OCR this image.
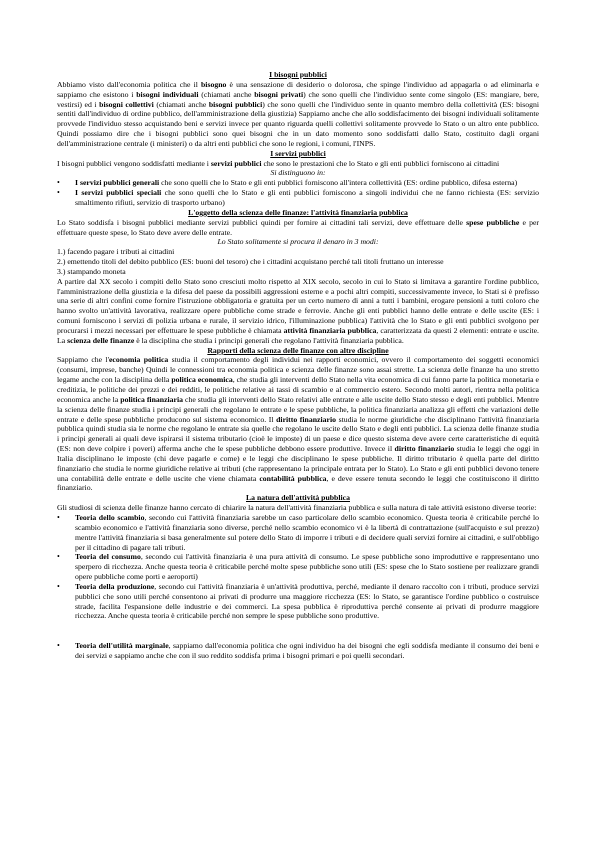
I bisogni pubblici

Abbiamo visto dall'economia politica che il bisogno è una sensazione di desiderio o dolorosa, che spinge l'individuo ad appagarla o ad eliminarla e sappiamo che esistono i bisogni individuali (chiamati anche bisogni privati) che sono quelli che l'individuo sente come singolo (ES: mangiare, bere, vestirsi) ed i bisogni collettivi (chiamati anche bisogni pubblici) che sono quelli che l'individuo sente in quanto membro della collettività (ES: bisogni sentiti dall'individuo di ordine pubblico, dell'amministrazione della giustizia) Sappiamo anche che allo soddisfacimento dei bisogni individuali solitamente provvede l'individuo stesso acquistando beni e servizi invece per quanto riguarda quelli collettivi solitamente provvede lo Stato o un altro ente pubblico. Quindi possiamo dire che i bisogni pubblici sono quei bisogni che in un dato momento sono soddisfatti dallo Stato, costituito dagli organi dell'amministrazione centrale (i ministeri) o da altri enti pubblici che sono le regioni, i comuni, l'INPS.

I servizi pubblici

I bisogni pubblici vengono soddisfatti mediante i servizi pubblici che sono le prestazioni che lo Stato e gli enti pubblici forniscono ai cittadini

Si distinguono in:

• I servizi pubblici generali che sono quelli che lo Stato e gli enti pubblici forniscono all'intera collettività (ES: ordine pubblico, difesa esterna)
• I servizi pubblici speciali che sono quelli che lo Stato e gli enti pubblici forniscono a singoli individui che ne fanno richiesta (ES: servizio smaltimento rifiuti, servizio di trasporto urbano)
L'oggetto della scienza delle finanze: l'attività finanziaria pubblica

Lo Stato soddisfa i bisogni pubblici mediante servizi pubblici quindi per fornire ai cittadini tali servizi, deve effettuare delle spese pubbliche e per effettuare queste spese, lo Stato deve avere delle entrate.

Lo Stato solitamente si procura il denaro in 3 modi:

1.) facendo pagare i tributi ai cittadini
2.) emettendo titoli del debito pubblico (ES: buoni del tesoro) che i cittadini acquistano perché tali titoli fruttano un interesse
3.) stampando moneta

A partire dal XX secolo i compiti dello Stato sono cresciuti molto rispetto al XIX secolo, secolo in cui lo Stato si limitava a garantire l'ordine pubblico, l'amministrazione della giustizia e la difesa del paese da possibili aggressioni esterne e a pochi altri compiti, successivamente invece, lo Stati si è prefisso una serie di altri confini come fornire l'istruzione obbligatoria e gratuita per un certo numero di anni a tutti i bambini, erogare pensioni a tutti coloro che hanno svolto un'attività lavorativa, realizzare opere pubbliche come strade e ferrovie. Anche gli enti pubblici hanno delle entrate e delle uscite (ES: i comuni forniscono i servizi di polizia urbana e rurale, il servizio idrico, l'illuminazione pubblica) l'attività che lo Stato e gli enti pubblici svolgono per procurarsi i mezzi necessari per effettuare le spese pubbliche è chiamata attività finanziaria pubblica, caratterizzata da questi 2 elementi: entrate e uscite. La scienza delle finanze è la disciplina che studia i principi generali che regolano l'attività finanziaria pubblica.

Rapporti della scienza delle finanze con altre discipline

Sappiamo che l'economia politica studia il comportamento degli individui nei rapporti economici, ovvero il comportamento dei soggetti economici (consumi, imprese, banche) Quindi le connessioni tra economia politica e scienza delle finanze sono assai strette. La scienza delle finanze ha uno stretto legame anche con la disciplina della politica economica, che studia gli interventi dello Stato nella vita economica di cui fanno parte la politica monetaria e creditizia, le politiche dei prezzi e dei redditi, le politiche relative ai tassi di scambio e al commercio estero. Secondo molti autori, rientra nella politica economica anche la politica finanziaria che studia gli interventi dello Stato relativi alle entrate e alle uscite dello Stato stesso e degli enti pubblici. Mentre la scienza delle finanze studia i principi generali che regolano le entrate e le spese pubbliche, la politica finanziaria analizza gli effetti che variazioni delle entrate e delle spese pubbliche producono sul sistema economico. Il diritto finanziario studia le norme giuridiche che disciplinano l'attività finanziaria pubblica quindi studia sia le norme che regolano le entrate sia quelle che regolano le uscite dello Stato e degli enti pubblici. La scienza delle finanze studia i principi generali ai quali deve ispirarsi il sistema tributario (cioè le imposte) di un paese e dice questo sistema deve avere certe caratteristiche di equità (ES: non deve colpire i poveri) afferma anche che le spese pubbliche debbono essere produttive. Invece il diritto finanziario studia le leggi che oggi in Italia disciplinano le imposte (chi deve pagarle e come) e le leggi che disciplinano le spese pubbliche. Il diritto tributario è quella parte del diritto finanziario che studia le norme giuridiche relative ai tributi (che rappresentano la principale entrata per lo Stato). Lo Stato e gli enti pubblici devono tenere una contabilità delle entrate e delle uscite che viene chiamata contabilità pubblica, e deve essere tenuta secondo le leggi che costituiscono il diritto finanziario.

La natura dell'attività pubblica

Gli studiosi di scienza delle finanze hanno cercato di chiarire la natura dell'attività finanziaria pubblica e sulla natura di tale attività esistono diverse teorie:

• Teoria dello scambio, secondo cui l'attività finanziaria sarebbe un caso particolare dello scambio economico. Questa teoria è criticabile perché lo scambio economico e l'attività finanziaria sono diverse, perché nello scambio economico vi è la libertà di contrattazione (sull'acquisto e sul prezzo) mentre l'attività finanziaria si basa generalmente sul potere dello Stato di imporre i tributi e di decidere quali servizi fornire ai cittadini, e sull'obbligo per il cittadino di pagare tali tributi.
• Teoria del consumo, secondo cui l'attività finanziaria è una pura attività di consumo. Le spese pubbliche sono improduttive e rappresentano uno sperpero di ricchezza. Anche questa teoria è criticabile perché molte spese pubbliche sono utili (ES: spese che lo Stato sostiene per realizzare grandi opere pubbliche come porti e aeroporti)
• Teoria della produzione, secondo cui l'attività finanziaria è un'attività produttiva, perché, mediante il denaro raccolto con i tributi, produce servizi pubblici che sono utili perché consentono ai privati di produrre una maggiore ricchezza (ES: lo Stato, se garantisce l'ordine pubblico o costruisce strade, facilita l'espansione delle industrie e dei commerci. La spesa pubblica è riproduttiva perché consente ai privati di produrre maggiore ricchezza. Anche questa teoria è criticabile perché non sempre le spese pubbliche sono produttive.
• Teoria dell'utilità marginale, sappiamo dall'economia politica che ogni individuo ha dei bisogni che egli soddisfa mediante il consumo dei beni e dei servizi e sappiamo anche che con il suo reddito soddisfa prima i bisogni primari e poi quelli secondari.
